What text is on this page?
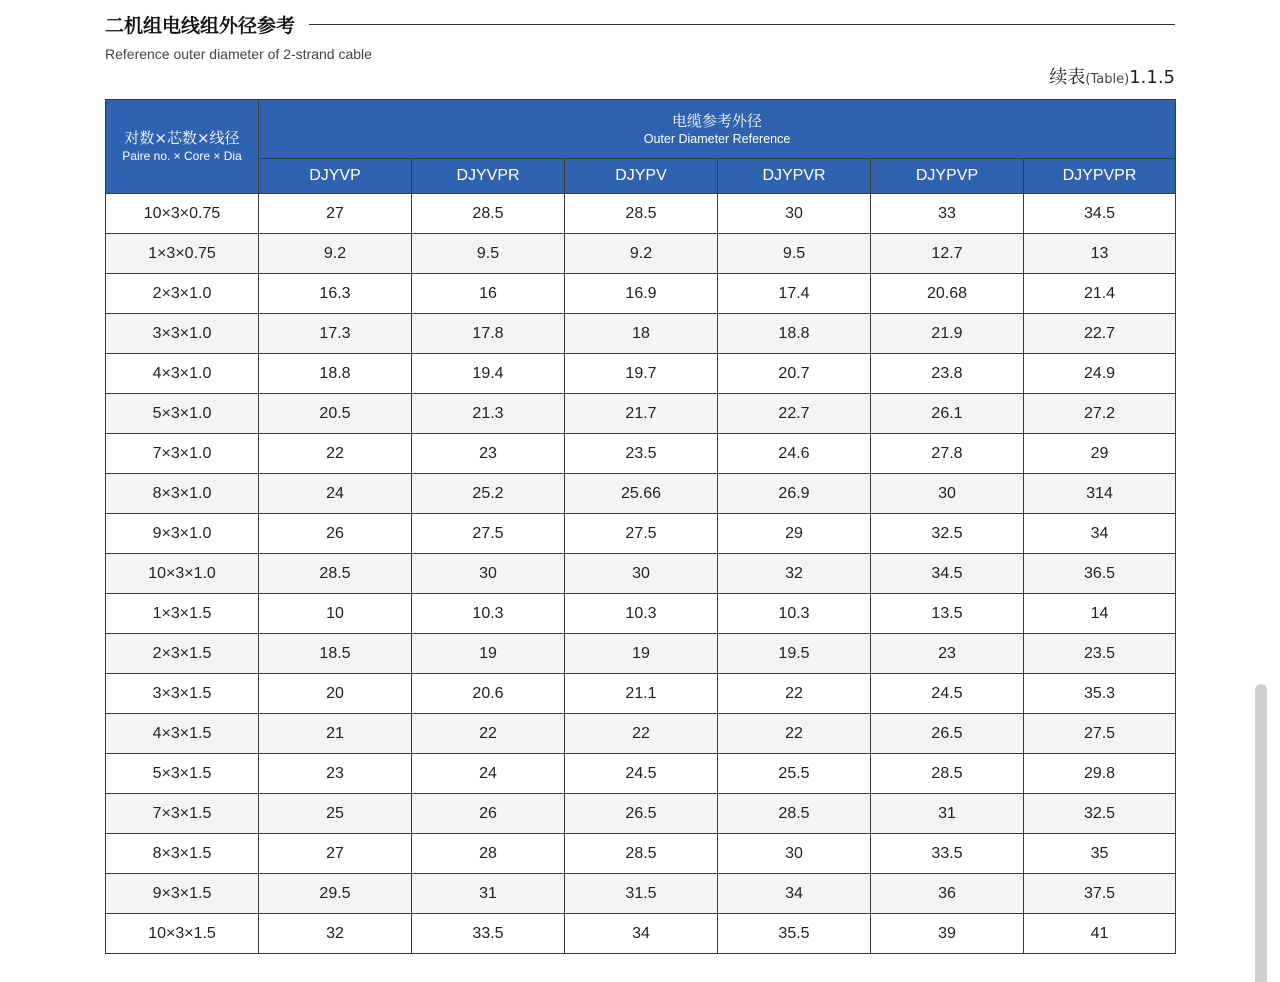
二机组电线组外径参考
Reference outer diameter of 2-strand cable
续表(Table)1.1.5
对数×芯数×线径
Paire no. × Core × Dia	电缆参考外径
Outer Diameter Reference					

	DJYVP	DJYVPR	DJYPV	DJYPVR	DJYPVP	DJYPVPR
10×3×0.75	27	28.5	28.5	30	33	34.5
1×3×0.75	9.2	9.5	9.2	9.5	12.7	13
2×3×1.0	16.3	16	16.9	17.4	20.68	21.4
3×3×1.0	17.3	17.8	18	18.8	21.9	22.7
4×3×1.0	18.8	19.4	19.7	20.7	23.8	24.9
5×3×1.0	20.5	21.3	21.7	22.7	26.1	27.2
7×3×1.0	22	23	23.5	24.6	27.8	29
8×3×1.0	24	25.2	25.66	26.9	30	314
9×3×1.0	26	27.5	27.5	29	32.5	34
10×3×1.0	28.5	30	30	32	34.5	36.5
1×3×1.5	10	10.3	10.3	10.3	13.5	14
2×3×1.5	18.5	19	19	19.5	23	23.5
3×3×1.5	20	20.6	21.1	22	24.5	35.3
4×3×1.5	21	22	22	22	26.5	27.5
5×3×1.5	23	24	24.5	25.5	28.5	29.8
7×3×1.5	25	26	26.5	28.5	31	32.5
8×3×1.5	27	28	28.5	30	33.5	35
9×3×1.5	29.5	31	31.5	34	36	37.5
10×3×1.5	32	33.5	34	35.5	39	41
